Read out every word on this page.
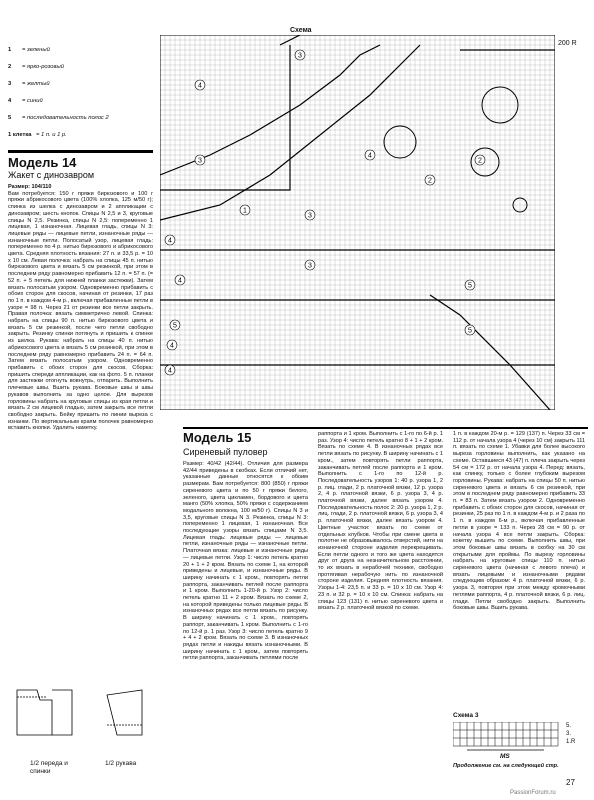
1	= зеленый
2	= ярко-розовый
3	= желтый
4	= синий
5	= последовательность полос 2
1 клетка = 1 п. и 1 р.
Модель 14
Жакет с динозавром
Размер: 104/110
Вам потребуется: 150 г пряжи бирюзового и 100 г пряжи абрикосового цвета (100% хлопка, 125 м/50 г); спинка из шелка с динозавром и 2 аппликации с динозавром; шесть кнопок. Спицы N 2,5 и 3, круговые спицы N 2,5. Резинка, спицы N 2,5: попеременно 1 лицевая, 1 изнаночная. Лицевая гладь, спицы N 3: лицевые ряды — лицевые петли, изнаночные ряды — изнаночные петли. Полосатый узор, лицевая гладь: попеременно по 4 р. нитью бирюзового и абрикосового цвета. Средняя плотность вязания: 27 п. и 33,5 р. = 10 х 10 см. Левая полочка: набрать на спицы 45 п. нитью бирюзового цвета и вязать 5 см резинкой, при этом в последнем ряду равномерно прибавить 12 п. = 57 п. (= 52 п. + 5 петель для нижней планки застежки). Затем вязать полосатым узором. Одновременно прибавить с обоих сторон для скосов, начиная от резинки, 17 раз по 1 п. в каждом 4-м р., включая прибавленные петли в узоре = 98 п. Через 21 от резинки все петли закрыть. Правая полочка: вязать симметрично левой. Спинка: набрать на спицы 90 п. нитью бирюзового цвета и вязать 5 см резинкой, после чего петли свободно закрыть. Резинку спинки потянуть и пришить к спинке из шелка. Рукава: набрать на спицы 40 п. нитью абрикосового цвета и вязать 5 см резинкой, при этом в последнем ряду равномерно прибавить 24 п. = 64 п. Затем вязать полосатым узором. Одновременно прибавить с обоих сторон для скосов. Сборка: пришить спереди аппликации, как на фото. 5 п. планки для застежки отогнуть вовнутрь, отпарить. Выполнить плечевые швы. Вшить рукава. Боковые швы и швы рукавов выполнить за одно целое. Для вырезов горловины набрать на круговые спицы из края петли и вязать 2 см лицевой гладью, затем закрыть все петли свободно закрыть. Бейку пришить по линии выреза с изнанки. По вертикальным краям полочек равномерно вставить кнопки. Удалить наметку.
1/2 переда и спинки
1/2 рукава
Схема
200 R
4
3
3
4
3
2
1
4
3
2
4
5
4
5
5
4
Модель 15
Сиреневый пуловер
Размер: 40/42 (42/44). Отличия для размера 42/44 приведены в скобках. Если отличий нет, указанные данные относятся к обоим размерам. Вам потребуется: 800 (850) г пряжи сиреневого цвета и по 50 г пряжи белого, зеленого, цвета цикламен, бордового и цвета манго (50% хлопка, 50% пряжи с содержанием модального волокна, 100 м/50 г). Спицы N 3 и 3,5, круговые спицы N 3. Резинка, спицы N 3: попеременно 1 лицевая, 1 изнаночная. Все последующие узоры вязать спицами N 3,5. Лицевая гладь: лицевые ряды — лицевые петли, изнаночные ряды — изнаночные петли. Платочная вязка: лицевые и изнаночные ряды — лицевые петли. Узор 1: число петель кратно 20 + 1 + 2 кром. Вязать по схеме 1, на которой приведены и лицевые, и изнаночные ряды. В ширину начинать с 1 кром., повторять петли раппорта, заканчивать петлей после раппорта и 1 кром. Выполнить 1-20-й р. Узор 2: число петель кратно 11 + 2 кром. Вязать по схеме 2, на которой приведены только лицевые ряды. В изнаночных рядах все петли вязать по рисунку. В ширину начинать с 1 кром., повторять раппорт, заканчивать 1 кром. Выполнить с 1-го по 12-й р. 1 раз. Узор 3: число петель кратно 9 + 4 + 2 кром. Вязать по схеме 3. В изнаночных рядах петли и накиды вязать изнаночными. В ширину начинать с 1 кром., затем повторять петли раппорта, заканчивать петлями после
раппорта и 1 кром. Выполнить с 1-го по 6-й р. 1 раз. Узор 4: число петель кратно 8 + 1 + 2 кром. Вязать по схеме 4. В изнаночных рядах все петли вязать по рисунку. В ширину начинать с 1 кром., затем повторять петли раппорта, заканчивать петлей после раппорта и 1 кром. Выполнить с 1-го по 12-й р. Последовательность узоров 1: 40 р. узора 1, 2 р. лиц. глади, 2 р. платочной вязки, 12 р. узора 2, 4 р. платочной вязки, 6 р. узора 3, 4 р. платочной вязки, далее вязать узором 4. Последовательность полос 2: 20 р. узора 1, 2 р. лиц. глади, 2 р. платочной вязки, 6 р. узора 3, 4 р. платочной вязки, далее вязать узором 4. Цветные участки: вязать по схеме от отдельных клубков. Чтобы при смене цвета в полотне не образовывалось отверстий, нити на изнаночной стороне изделия перекрещивать. Если петли одного и того же цвета находятся друг от друга на незначительном расстоянии, то их вязать в нерабочей технике, свободно протягивая нерабочую нить по изнаночной стороне изделия. Средняя плотность вязания. Узоры 1-4: 23,5 п. и 33 р. = 10 х 10 см. Узор 4: 23 п. и 32 р. = 10 х 10 см. Спинка: набрать на спицы 123 (131) п. нитью сиреневого цвета и вязать 2 р. платочной вязкой по схеме.
1 п. в каждом 20-м р. = 129 (137) п. Через 33 см = 112 р. от начала узора 4 (через 10 см) закрыть 111 п. вязать по схеме 1. Убавки для более высокого выреза горловины выполнить, как указано на схеме. Оставшиеся 43 (47) п. плеча закрыть через 54 см = 172 р. от начала узора 4. Перед: вязать, как спинку, только с более глубоким вырезом горловины. Рукава: набрать на спицы 50 п. нитью сиреневого цвета и вязать 6 см резинкой, при этом в последнем ряду равномерно прибавить 33 п. = 83 п. Затем вязать узором 2. Одновременно прибавить с обоих сторон для скосов, начиная от резинки, 25 раз по 1 п. в каждом 4-м р. и 2 раза по 1 п. в каждом 6-м р., включая прибавленные петли в узоре = 133 п. Через 28 см = 90 р. от начала узора 4 все петли закрыть. Сборка: кокетку вышить по схеме. Выполнить швы, при этом боковые швы вязать в скобку на 30 см открытыми для проймы. По вырезу горловины набрать на круговые спицы 110 п. нитью сиреневого цвета (начиная с левого плеча) и вязать лицевыми и изнаночными рядами следующим образом: 4 р. платочной вязки, 6 р. узора 3, повторяя при этом между кромочными петлями раппорта, 4 р. платочной вязки, 6 р. лиц. глади. Петли свободно закрыть. Выполнить боковые швы. Вшить рукава.
Схема 3
5.
3.
1.R
MS
Продолжение см. на следующей стр.
27
PassionForum.ru
